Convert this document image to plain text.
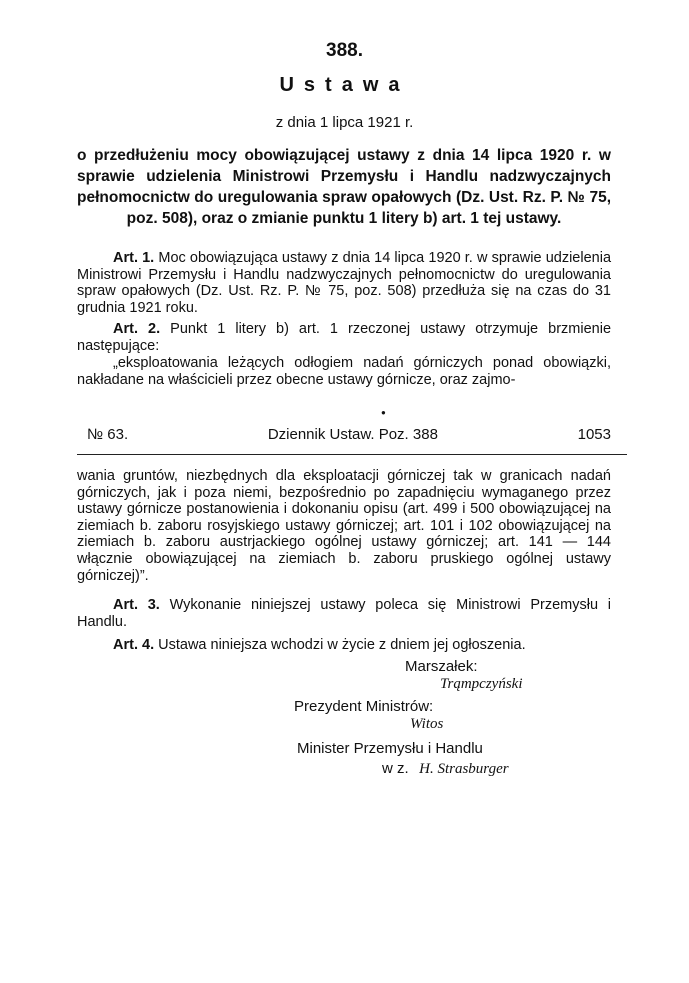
388.
Ustawa
z dnia 1 lipca 1921 r.
o przedłużeniu mocy obowiązującej ustawy z dnia 14 lipca 1920 r. w sprawie udzielenia Ministrowi Przemysłu i Handlu nadzwyczajnych pełnomocnictw do uregulowania spraw opałowych (Dz. Ust. Rz. P. № 75, poz. 508), oraz o zmianie punktu 1 litery b) art. 1 tej ustawy.

Art. 1. Moc obowiązująca ustawy z dnia 14 lipca 1920 r. w sprawie udzielenia Ministrowi Przemysłu i Handlu nadzwyczajnych pełnomocnictw do uregulowania spraw opałowych (Dz. Ust. Rz. P. № 75, poz. 508) przedłuża się na czas do 31 grudnia 1921 roku.

Art. 2. Punkt 1 litery b) art. 1 rzeczonej ustawy otrzymuje brzmienie następujące:

„eksploatowania leżących odłogiem nadań górniczych ponad obowiązki, nakładane na właścicieli przez obecne ustawy górnicze, oraz zajmo-

●
№ 63.	Dziennik Ustaw. Poz. 388	1053

wania gruntów, niezbędnych dla eksploatacji górniczej tak w granicach nadań górniczych, jak i poza niemi, bezpośrednio po zapadnięciu wymaganego przez ustawy górnicze postanowienia i dokonaniu opisu (art. 499 i 500 obowiązującej na ziemiach b. zaboru rosyjskiego ustawy górniczej; art. 101 i 102 obowiązującej na ziemiach b. zaboru austrjackiego ogólnej ustawy górniczej; art. 141 — 144 włącznie obowiązującej na ziemiach b. zaboru pruskiego ogólnej ustawy górniczej)”.

Art. 3. Wykonanie niniejszej ustawy poleca się Ministrowi Przemysłu i Handlu.

Art. 4. Ustawa niniejsza wchodzi w życie z dniem jej ogłoszenia.

Marszałek:
Trąmpczyński
Prezydent Ministrów:
Witos
Minister Przemysłu i Handlu
w z. H. Strasburger
